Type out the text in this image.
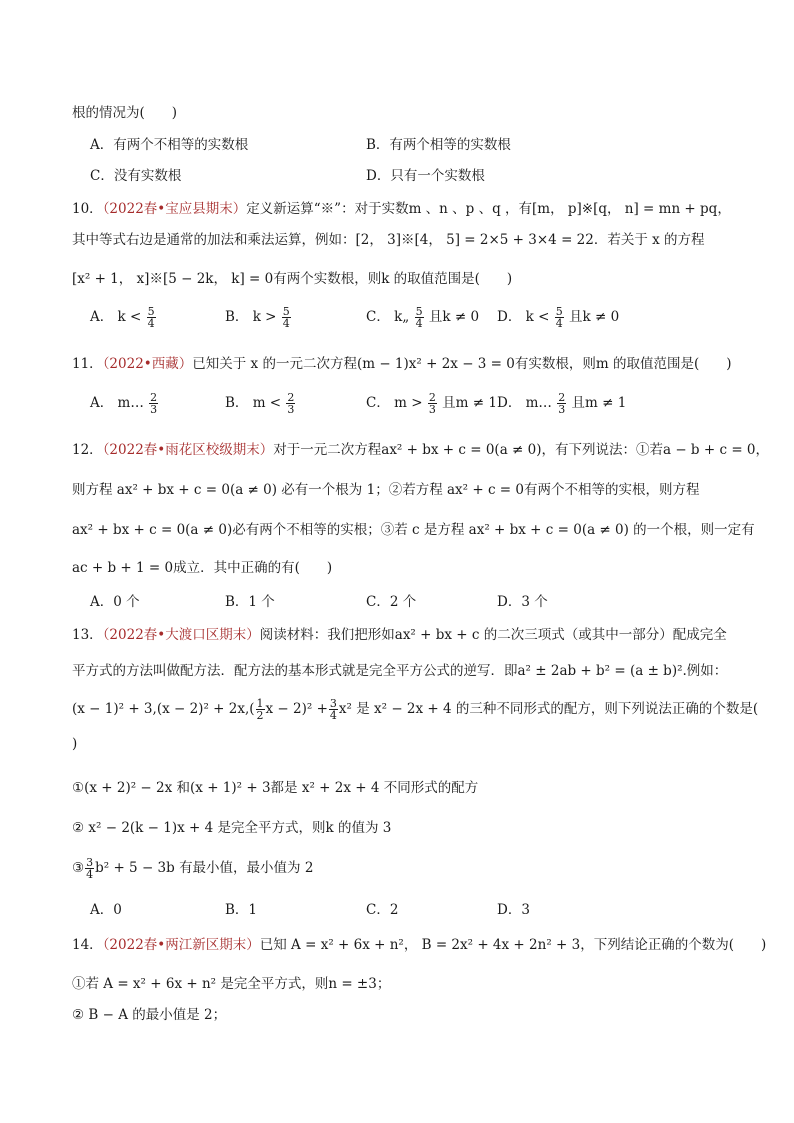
根的情况为(　　)
A．有两个不相等的实数根	B．有两个相等的实数根
C．没有实数根	D．只有一个实数根
10．（2022春•宝应县期末）定义新运算“※”：对于实数m 、n 、p 、q ，有[m， p]※[q， n] = mn + pq，
其中等式右边是通常的加法和乘法运算，例如：[2， 3]※[4， 5] = 2×5 + 3×4 = 22．若关于 x 的方程
[x² + 1， x]※[5 − 2k， k] = 0有两个实数根，则k 的取值范围是(　　)
A． $k < \frac{5}{4}$	B． $k > \frac{5}{4}$	C． k„ $\frac{5}{4}$ 且k ≠ 0 D． $k < \frac{5}{4}$ 且k ≠ 0
11．（2022•西藏）已知关于 x 的一元二次方程(m − 1)x² + 2x − 3 = 0有实数根，则m 的取值范围是(　　)
A． m… $\frac{2}{3}$	B． $m < \frac{2}{3}$	C． $m > \frac{2}{3}$ 且m ≠ 1 D． m… $\frac{2}{3}$ 且m ≠ 1
12．（2022春•雨花区校级期末）对于一元二次方程ax² + bx + c = 0(a ≠ 0)，有下列说法：①若a − b + c = 0，
则方程 ax² + bx + c = 0(a ≠ 0) 必有一个根为 1；②若方程 ax² + c = 0有两个不相等的实根，则方程
ax² + bx + c = 0(a ≠ 0)必有两个不相等的实根；③若 c 是方程 ax² + bx + c = 0(a ≠ 0) 的一个根，则一定有
ac + b + 1 = 0成立．其中正确的有(　　)
A．0 个	B．1 个	C．2 个	D．3 个
13．（2022春•大渡口区期末）阅读材料：我们把形如ax² + bx + c 的二次三项式（或其中一部分）配成完全
平方式的方法叫做配方法．配方法的基本形式就是完全平方公式的逆写．即a² ± 2ab + b² = (a ± b)².例如：
$(x - 1)^2 + 3,(x - 2)^2 + 2x,( \frac{1}{2}$ $x - 2)^2 + \frac{3}{4} x^2$ 是 x² − 2x + 4 的三种不同形式的配方，则下列说法正确的个数是(
)
①(x + 2)² − 2x 和(x + 1)² + 3都是 x² + 2x + 4 不同形式的配方
② x² − 2(k − 1)x + 4 是完全平方式，则k 的值为 3
③ $\frac{3}{4} b^2 + 5 - 3b$ 有最小值，最小值为 2
A．0	B．1	C．2	D．3
14．（2022春•两江新区期末）已知 A = x² + 6x + n²， B = 2x² + 4x + 2n² + 3，下列结论正确的个数为(　　)
①若 A = x² + 6x + n² 是完全平方式，则n = ±3；
② B − A 的最小值是 2；
